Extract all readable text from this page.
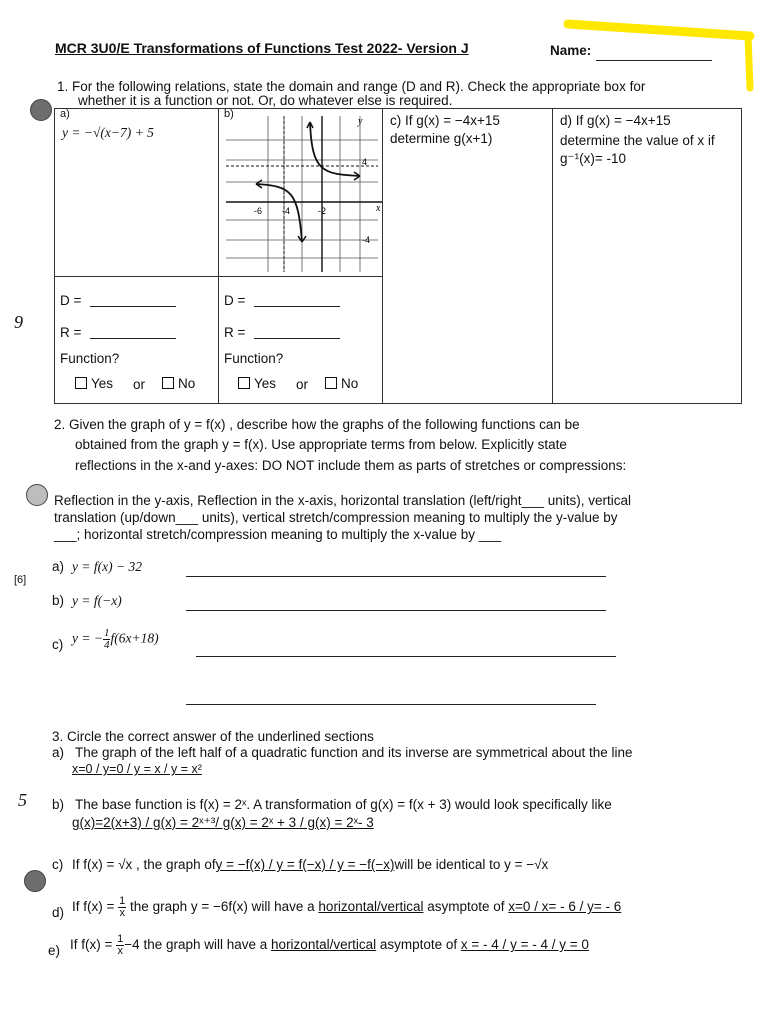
MCR 3U0/E Transformations of Functions Test 2022- Version J	Name:
1. For the following relations, state the domain and range (D and R). Check the appropriate box for
whether it is a function or not. Or, do whatever else is required.
a)
y = −√(x−7) + 5
b)
y
x
4
-4
-6 -4	-2
c) If g(x) = −4x+15
determine g(x+1)
d) If g(x) = −4x+15
determine the value of x if
g⁻¹(x)= -10
D =
R =
Function?
Yes or	No
D =
R =
Function?
Yes or	No
9
2. Given the graph of y = f(x) , describe how the graphs of the following functions can be
obtained from the graph y = f(x). Use appropriate terms from below. Explicitly state
reflections in the x-and y-axes: DO NOT include them as parts of stretches or compressions:
Reflection in the y-axis, Reflection in the x-axis, horizontal translation (left/right___ units), vertical
translation (up/down___ units), vertical stretch/compression meaning to multiply the y-value by
___; horizontal stretch/compression meaning to multiply the x-value by ___
[6]
a) y = f(x) − 32
b) y = f(−x)
c) y = − $\frac{1}{4} f(6x+18)$
3. Circle the correct answer of the underlined sections
a) The graph of the left half of a quadratic function and its inverse are symmetrical about the line
x=0 / y=0 / y = x / y = x²
5 b) The base function is f(x) = 2ˣ. A transformation of g(x) = f(x + 3) would look specifically like
g(x)=2(x+3) / g(x) = 2ˣ⁺³/ g(x) = 2ˣ + 3 / g(x) = 2ˣ- 3
c) If f(x) = √x , the graph ofy = −f(x) / y = f(−x) / y = −f(−x)will be identical to y = −√x
d) If $f(x) = \frac{1}{x}$ the graph y = −6f(x) will have a horizontal/vertical asymptote of x=0 / x= - 6 / y= - 6
e) If $f(x) = \frac{1}{x} -4$ the graph will have a horizontal/vertical asymptote of x = - 4 / y = - 4 / y = 0
